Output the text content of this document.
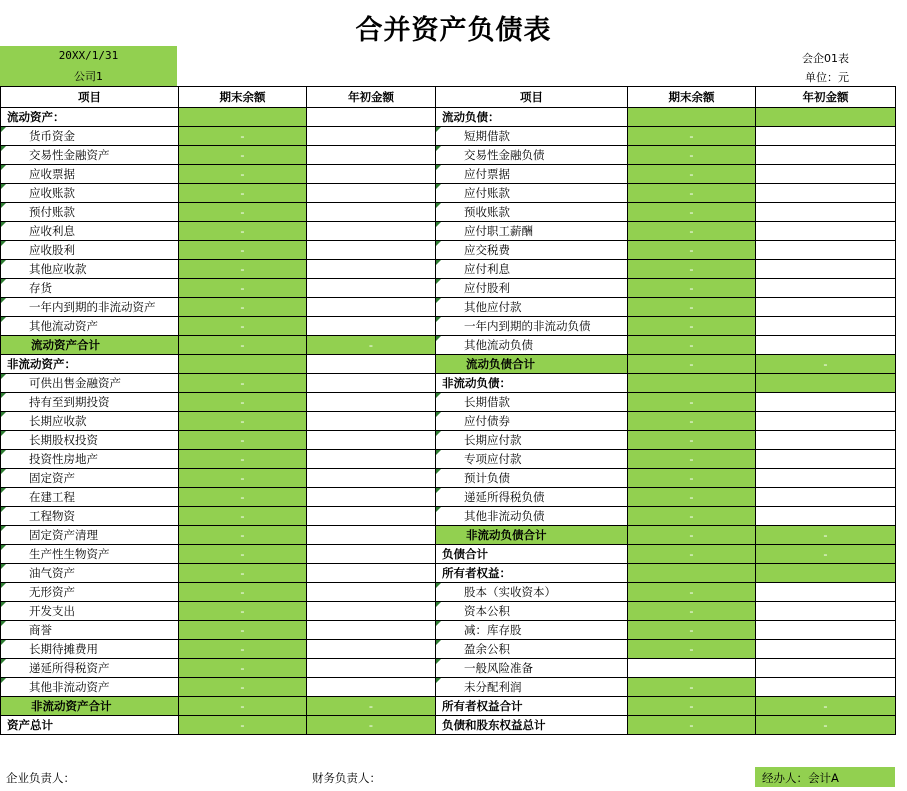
合并资产负债表
20XX/1/31
公司1
会企01表
单位：元
项目	期末余额	年初金额	项目	期末余额	年初金额
流动资产：			流动负债：		
货币资金	-		短期借款	-	
交易性金融资产	-		交易性金融负债	-	
应收票据	-		应付票据	-	
应收账款	-		应付账款	-	
预付账款	-		预收账款	-	
应收利息	-		应付职工薪酬	-	
应收股利	-		应交税费	-	
其他应收款	-		应付利息	-	
存货	-		应付股利	-	
一年内到期的非流动资产	-		其他应付款	-	
其他流动资产	-		一年内到期的非流动负债	-	
流动资产合计	-	-	其他流动负债	-	
非流动资产：			流动负债合计	-	-
可供出售金融资产	-		非流动负债：		
持有至到期投资	-		长期借款	-	
长期应收款	-		应付债券	-	
长期股权投资	-		长期应付款	-	
投资性房地产	-		专项应付款	-	
固定资产	-		预计负债	-	
在建工程	-		递延所得税负债	-	
工程物资	-		其他非流动负债	-	
固定资产清理	-		非流动负债合计	-	-
生产性生物资产	-		负债合计	-	-
油气资产	-		所有者权益：		
无形资产	-		股本（实收资本）	-	
开发支出	-		资本公积	-	
商誉	-		减：库存股	-	
长期待摊费用	-		盈余公积	-	
递延所得税资产	-		一般风险准备		
其他非流动资产	-		未分配利润	-	
非流动资产合计	-	-	所有者权益合计	-	-
资产总计	-	-	负债和股东权益总计	-	-
企业负责人：	财务负责人：	经办人：会计A
